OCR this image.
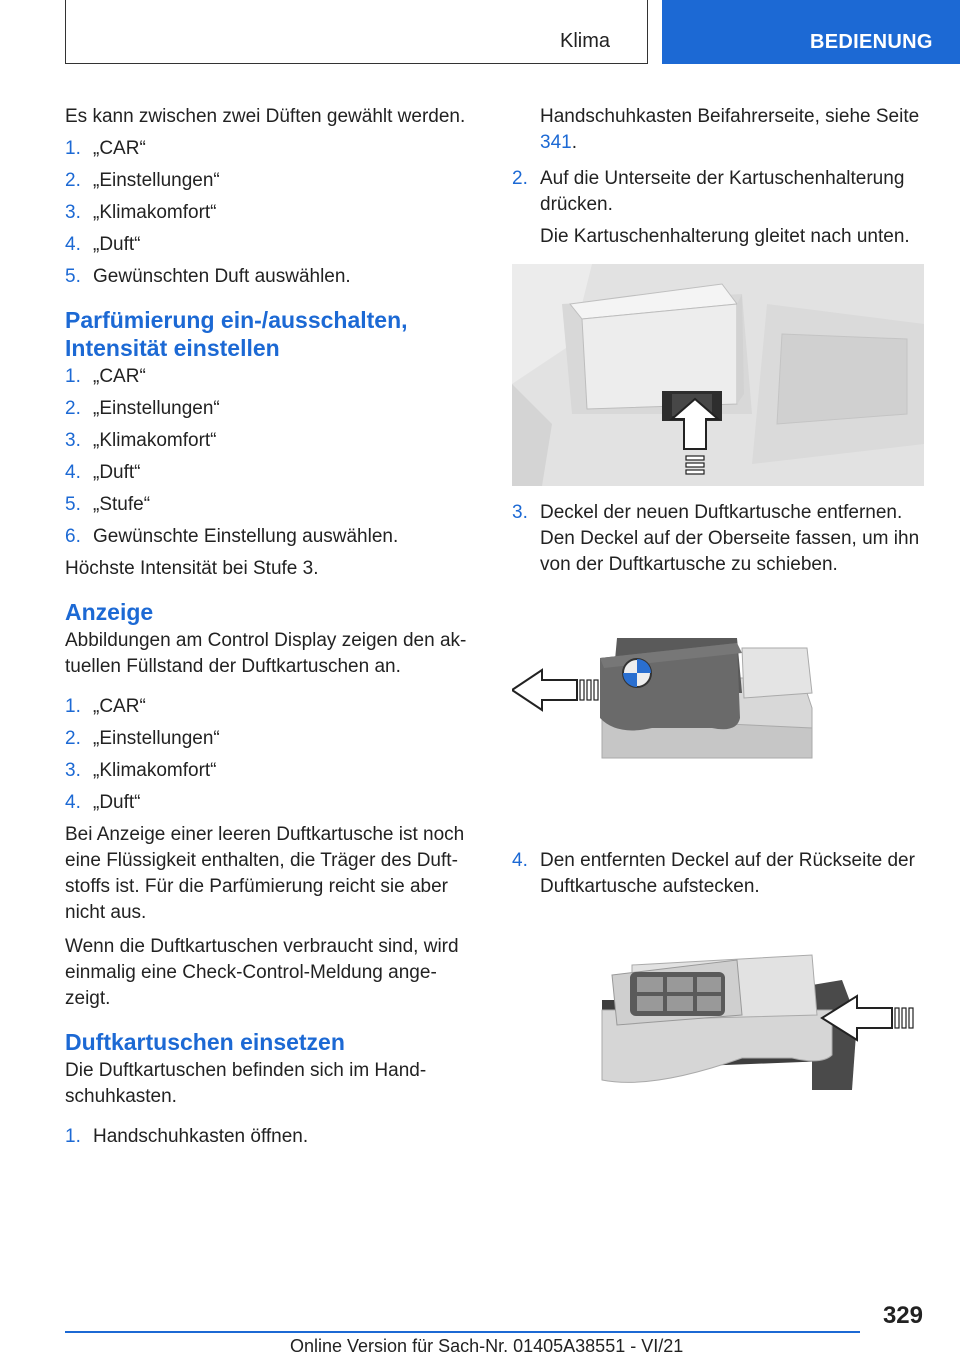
Klima	BEDIENUNG

Es kann zwischen zwei Düften gewählt werden.

1. „CAR“
2. „Einstellungen“
3. „Klimakomfort“
4. „Duft“
5. Gewünschten Duft auswählen.
Parfümierung ein-/ausschalten, Intensität einstellen
1. „CAR“
2. „Einstellungen“
3. „Klimakomfort“
4. „Duft“
5. „Stufe“
6. Gewünschte Einstellung auswählen.

Höchste Intensität bei Stufe 3.

Anzeige

Abbildungen am Control Display zeigen den aktuellen Füllstand der Duftkartuschen an.

1. „CAR“
2. „Einstellungen“
3. „Klimakomfort“
4. „Duft“

Bei Anzeige einer leeren Duftkartusche ist noch eine Flüssigkeit enthalten, die Träger des Duftstoffs ist. Für die Parfümierung reicht sie aber nicht aus.

Wenn die Duftkartuschen verbraucht sind, wird einmalig eine Check-Control-Meldung angezeigt.

Duftkartuschen einsetzen

Die Duftkartuschen befinden sich im Handschuhkasten.

1. Handschuhkasten öffnen.
Handschuhkasten Beifahrerseite, siehe Seite 341.
2. Auf die Unterseite der Kartuschenhalterung drücken.
Die Kartuschenhalterung gleitet nach unten.
3. Deckel der neuen Duftkartusche entfernen.
Den Deckel auf der Oberseite fassen, um ihn von der Duftkartusche zu schieben.
4. Den entfernten Deckel auf der Rückseite der Duftkartusche aufstecken.
329
Online Version für Sach-Nr. 01405A38551 - VI/21
